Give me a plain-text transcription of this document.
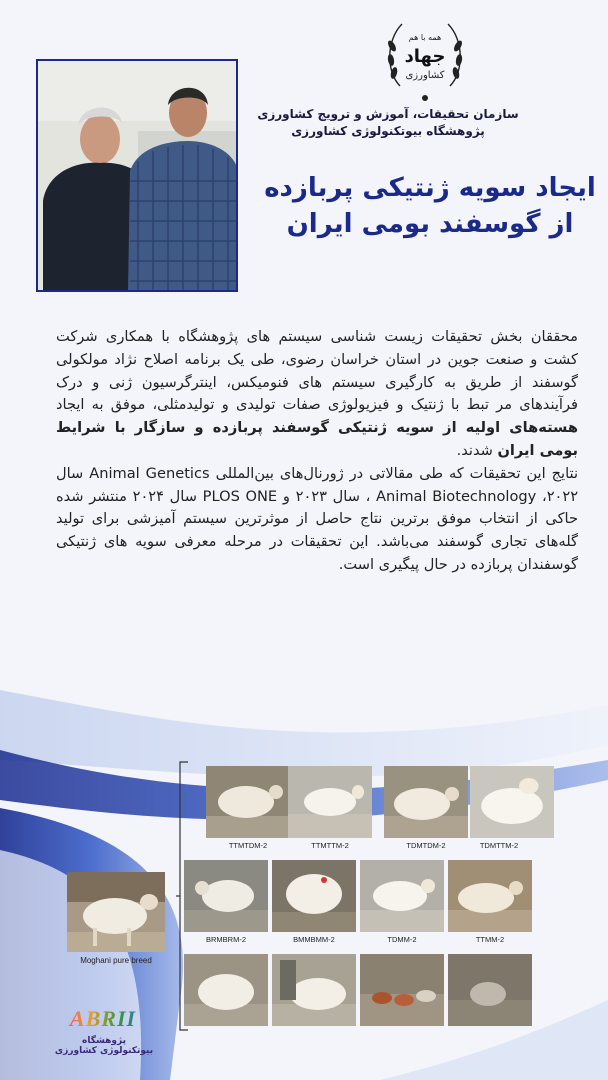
همه با هم
جهاد
کشاورزی
سازمان تحقیقات، آموزش و ترویج کشاورزی
پژوهشگاه بیوتکنولوژی کشاورزی
ایجاد سویه ژنتیکی پربازده
از گوسفند بومی ایران

محققان بخش تحقیقات زیست شناسی سیستم های پژوهشگاه با همکاری شرکت کشت و صنعت جوین در استان خراسان رضوی، طی یک برنامه اصلاح نژاد مولکولی گوسفند از طریق به کارگیری سیستم های فنومیکس، اینترگرسیون ژنی و درک فرآیندهای مر تبط با ژنتیک و فیزیولوژی صفات تولیدی و تولیدمثلی، موفق به ایجاد هسته‌های اولیه از سویه ژنتیکی گوسفند پربازده و سازگار با شرایط بومی ایران شدند.

نتایج این تحقیقات که طی مقالاتی در ژورنال‌های بین‌المللی Animal Genetics سال ۲۰۲۲، Animal Biotechnology ، سال ۲۰۲۳ و PLOS ONE سال ۲۰۲۴ منتشر شده حاکی از انتخاب موفق برترین نتاج حاصل از موثرترین سیستم آمیزشی برای تولید گله‌های تجاری گوسفند می‌باشد. این تحقیقات در مرحله معرفی سویه های ژنتیکی گوسفندان پربازده در حال پیگیری است.

Moghani pure breed
TTMTDM-2	TTMTTM-2	TDMTDM-2	TDMTTM-2
BRMBRM-2	BMMBMM-2	TDMM-2	TTMM-2
ABRII
پژوهشگاه بیوتکنولوژی کشاورزی
